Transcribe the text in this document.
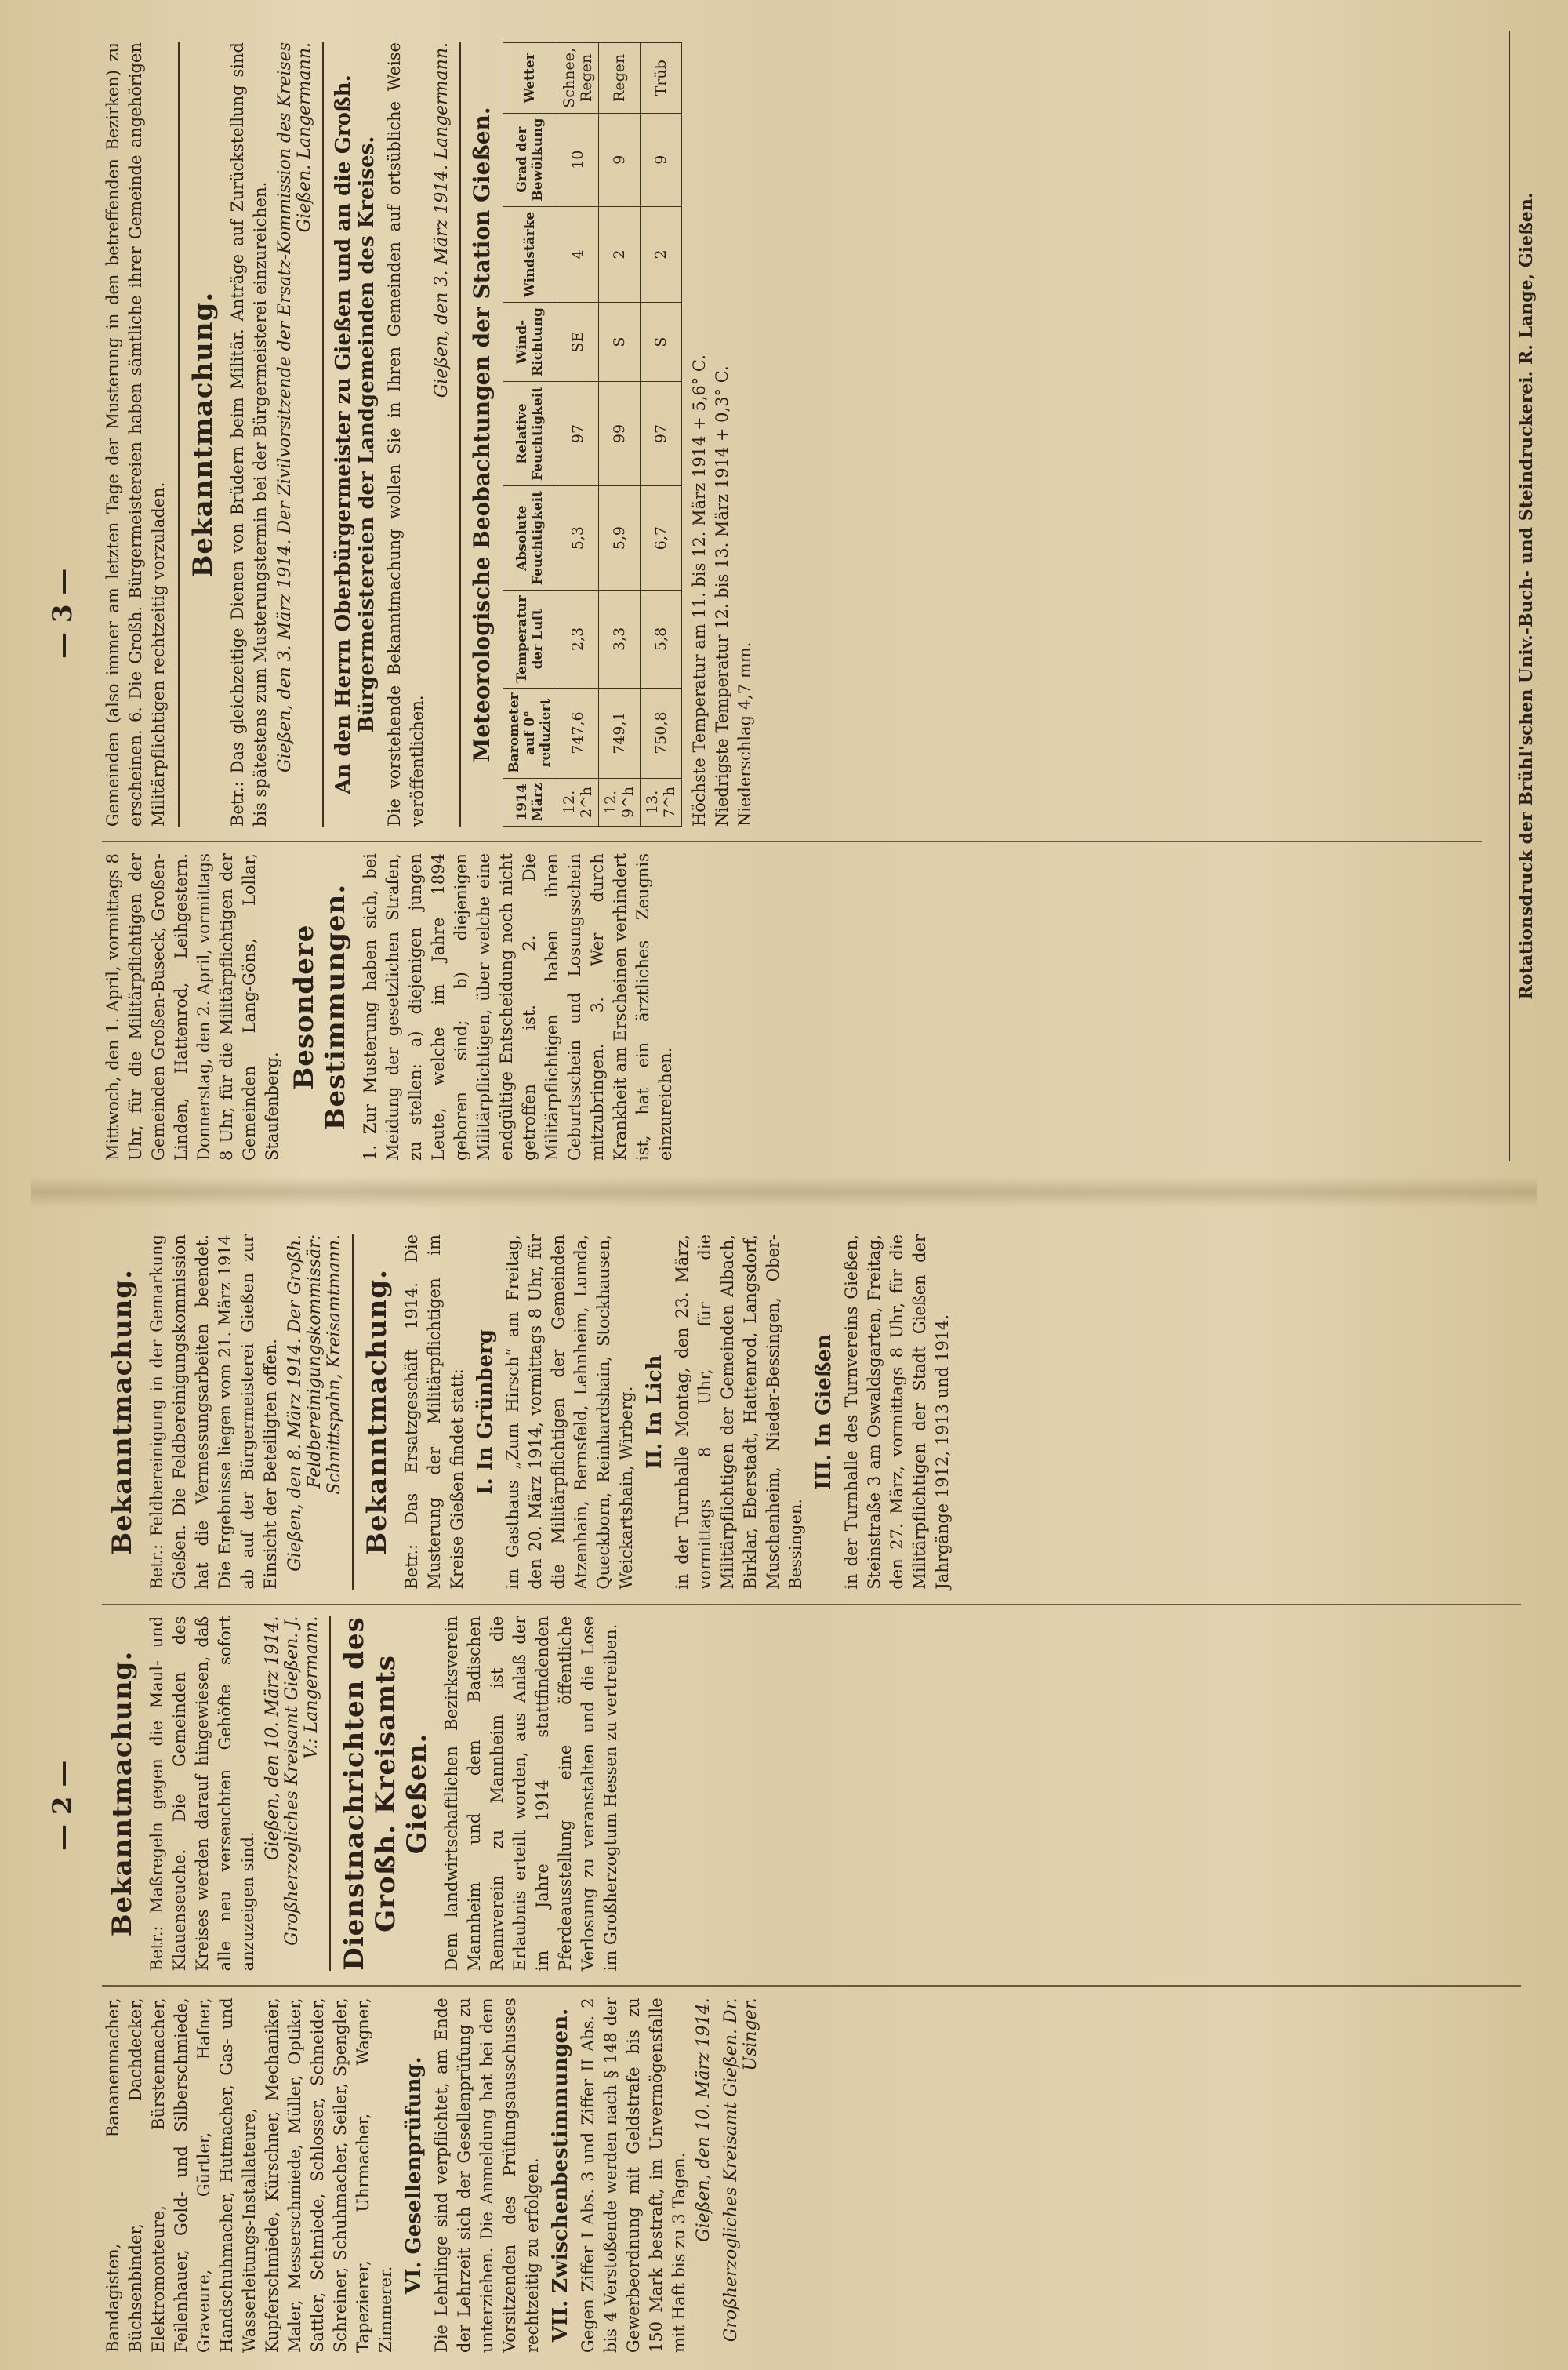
— 2 —
Bandagisten, Bananenmacher, Büchsenbinder, Dachdecker, Elektromonteure, Bürstenmacher, Feilenhauer, Gold- und Silberschmiede, Graveure, Gürtler, Hafner, Handschuhmacher, Hutmacher, Gas- und Wasserleitungs-Installateure, Kupferschmiede, Kürschner, Mechaniker, Maler, Messerschmiede, Müller, Optiker, Sattler, Schmiede, Schlosser, Schneider, Schreiner, Schuhmacher, Seiler, Spengler, Tapezierer, Uhrmacher, Wagner, Zimmerer.
VI. Gesellenprüfung. Die Lehrlinge sind verpflichtet, am Ende der Lehrzeit sich der Gesellenprüfung zu unterziehen. Die Anmeldung hat bei dem Vorsitzenden des Prüfungsausschusses rechtzeitig zu erfolgen. VII. Zwischenbestimmungen. Gegen Ziffer I Abs. 3 und Ziffer II Abs. 2 bis 4 Verstoßende werden nach § 148 der Gewerbeordnung mit Geldstrafe bis zu 150 Mark bestraft, im Unvermögensfalle mit Haft bis zu 3 Tagen.
Gießen, den 10. März 1914. Großherzogliches Kreisamt Gießen. Dr. Usinger.
Bekanntmachung. Betr.: Maßregeln gegen die Maul- und Klauenseuche. Die Gemeinden des Kreises werden darauf hingewiesen, daß alle neu verseuchten Gehöfte sofort anzuzeigen sind.
Gießen, den 10. März 1914. Großherzogliches Kreisamt Gießen. J. V.: Langermann. Dienstnachrichten des Großh. Kreisamts Gießen. Dem landwirtschaftlichen Bezirksverein Mannheim und dem Badischen Rennverein zu Mannheim ist die Erlaubnis erteilt worden, aus Anlaß der im Jahre 1914 stattfindenden Pferdeausstellung eine öffentliche Verlosung zu veranstalten und die Lose im Großherzogtum Hessen zu vertreiben.
Bekanntmachung. Betr.: Feldbereinigung in der Gemarkung Gießen. Die Feldbereinigungskommission hat die Vermessungsarbeiten beendet. Die Ergebnisse liegen vom 21. März 1914 ab auf der Bürgermeisterei Gießen zur Einsicht der Beteiligten offen. Gießen, den 8. März 1914. Der Großh. Feldbereinigungskommissär: Schnittspahn, Kreisamtmann. Bekanntmachung. Betr.: Das Ersatzgeschäft 1914. Die Musterung der Militärpflichtigen im Kreise Gießen findet statt: I. In Grünberg im Gasthaus „Zum Hirsch“ am Freitag, den 20. März 1914, vormittags 8 Uhr, für die Militärpflichtigen der Gemeinden Atzenhain, Bernsfeld, Lehnheim, Lumda, Queckborn, Reinhardshain, Stockhausen, Weickartshain, Wirberg. II. In Lich in der Turnhalle Montag, den 23. März, vormittags 8 Uhr, für die Militärpflichtigen der Gemeinden Albach, Birklar, Eberstadt, Hattenrod, Langsdorf, Muschenheim, Nieder-Bessingen, Ober-Bessingen.
III. In Gießen in der Turnhalle des Turnvereins Gießen, Steinstraße 3 am Oswaldsgarten, Freitag, den 27. März, vormittags 8 Uhr, für die Militärpflichtigen der Stadt Gießen der Jahrgänge 1912, 1913 und 1914.
— 3 —
Mittwoch, den 1. April, vormittags 8 Uhr, für die Militärpflichtigen der Gemeinden Großen-Buseck, Großen-Linden, Hattenrod, Leihgestern. Donnerstag, den 2. April, vormittags 8 Uhr, für die Militärpflichtigen der Gemeinden Lang-Göns, Lollar, Staufenberg.
Besondere Bestimmungen. 1. Zur Musterung haben sich, bei Meidung der gesetzlichen Strafen, zu stellen: a) diejenigen jungen Leute, welche im Jahre 1894 geboren sind; b) diejenigen Militärpflichtigen, über welche eine endgültige Entscheidung noch nicht getroffen ist. 2. Die Militärpflichtigen haben ihren Geburtsschein und Losungsschein mitzubringen. 3. Wer durch Krankheit am Erscheinen verhindert ist, hat ein ärztliches Zeugnis einzureichen.
Gemeinden (also immer am letzten Tage der Musterung in den betreffenden Bezirken) zu erscheinen. 6. Die Großh. Bürgermeistereien haben sämtliche ihrer Gemeinde angehörigen Militärpflichtigen rechtzeitig vorzuladen.
Bekanntmachung. Betr.: Das gleichzeitige Dienen von Brüdern beim Militär. Anträge auf Zurückstellung sind bis spätestens zum Musterungstermin bei der Bürgermeisterei einzureichen. Gießen, den 3. März 1914. Der Zivilvorsitzende der Ersatz-Kommission des Kreises Gießen. Langermann. An den Herrn Oberbürgermeister zu Gießen und an die Großh. Bürgermeistereien der Landgemeinden des Kreises. Die vorstehende Bekanntmachung wollen Sie in Ihren Gemeinden auf ortsübliche Weise veröffentlichen.
Gießen, den 3. März 1914. Langermann. Meteorologische Beobachtungen der Station Gießen.
1914 März	Barometer auf 0° reduziert	Temperatur der Luft	Absolute Feuchtigkeit	Relative Feuchtigkeit	Wind-Richtung	Windstärke	Grad der Bewölkung	Wetter
12. 2^h	747,6	2,3	5,3	97	SE	4	10	Schnee, Regen
12. 9^h	749,1	3,3	5,9	99	S	2	9	Regen
13. 7^h	750,8	5,8	6,7	97	S	2	9	Trüb
Höchste Temperatur am 11. bis 12. März 1914 + 5,6° C. Niedrigste Temperatur 12. bis 13. März 1914 + 0,3° C. Niederschlag 4,7 mm.	Rotationsdruck der Brühl'schen Univ.-Buch- und Steindruckerei. R. Lange, Gießen.
